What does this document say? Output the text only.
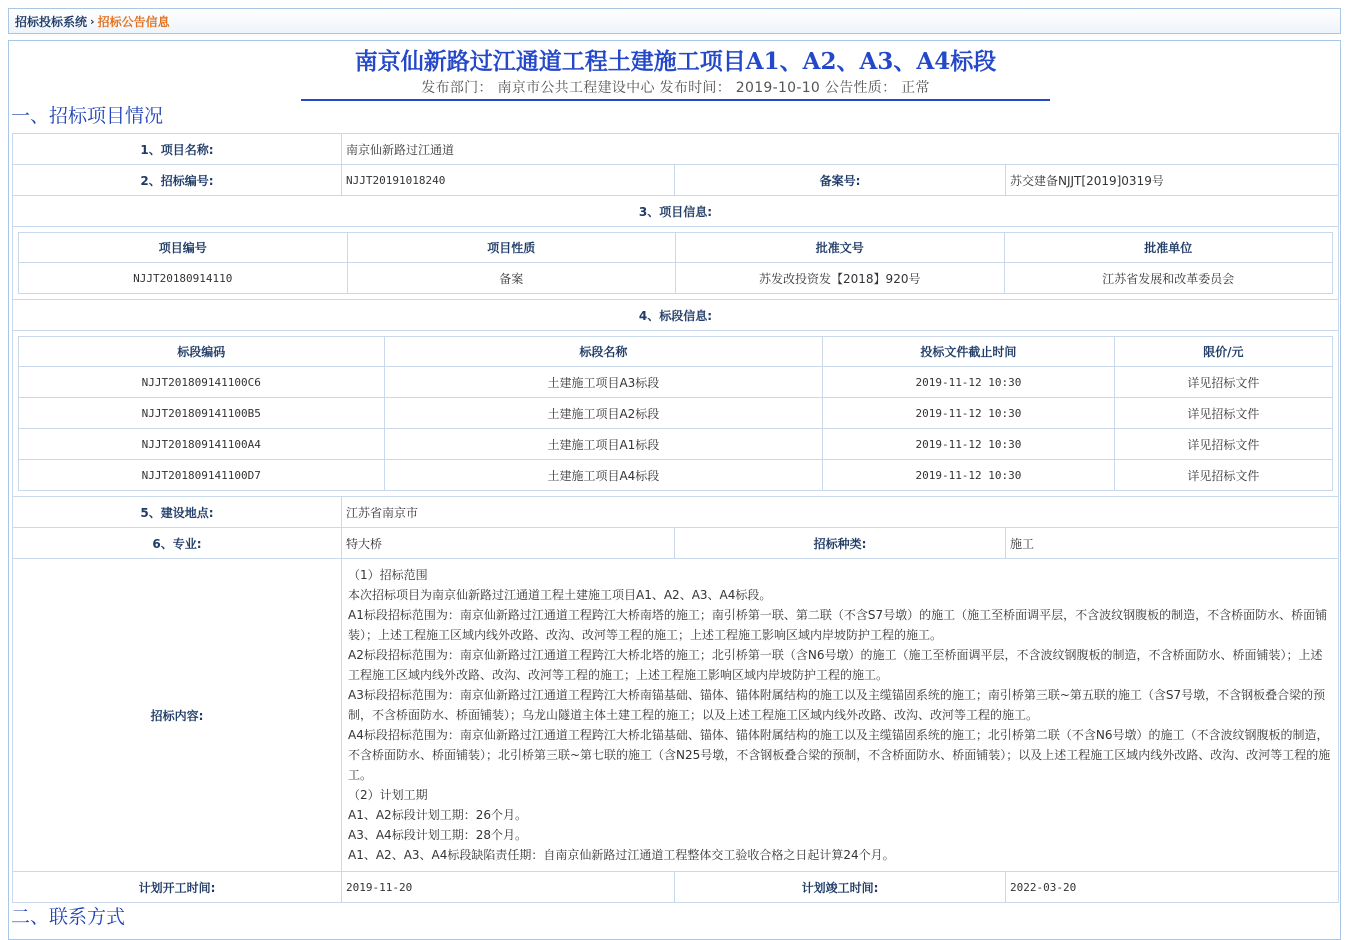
招标投标系统 › 招标公告信息
南京仙新路过江通道工程土建施工项目A1、A2、A3、A4标段
发布部门： 南京市公共工程建设中心 发布时间： 2019-10-10 公告性质： 正常
一、招标项目情况
1、项目名称:	南京仙新路过江通道
2、招标编号:	NJJT20191018240	备案号:	苏交建备NJJT[2019]0319号
3、项目信息:

项目编号	项目性质	批准文号	批准单位
NJJT20180914110	备案	苏发改投资发【2018】920号	江苏省发展和改革委员会

4、标段信息:

标段编码	标段名称	投标文件截止时间	限价/元
NJJT201809141100C6	土建施工项目A3标段	2019-11-12 10:30	详见招标文件
NJJT201809141100B5	土建施工项目A2标段	2019-11-12 10:30	详见招标文件
NJJT201809141100A4	土建施工项目A1标段	2019-11-12 10:30	详见招标文件
NJJT201809141100D7	土建施工项目A4标段	2019-11-12 10:30	详见招标文件

5、建设地点:	江苏省南京市
6、专业:	特大桥	招标种类:	施工
招标内容:	

（1）招标范围

本次招标项目为南京仙新路过江通道工程土建施工项目A1、A2、A3、A4标段。

A1标段招标范围为：南京仙新路过江通道工程跨江大桥南塔的施工；南引桥第一联、第二联（不含S7号墩）的施工（施工至桥面调平层，不含波纹钢腹板的制造，不含桥面防水、桥面铺装）；上述工程施工区域内线外改路、改沟、改河等工程的施工；上述工程施工影响区域内岸坡防护工程的施工。

A2标段招标范围为：南京仙新路过江通道工程跨江大桥北塔的施工；北引桥第一联（含N6号墩）的施工（施工至桥面调平层，不含波纹钢腹板的制造，不含桥面防水、桥面铺装）；上述工程施工区域内线外改路、改沟、改河等工程的施工；上述工程施工影响区域内岸坡防护工程的施工。

A3标段招标范围为：南京仙新路过江通道工程跨江大桥南锚基础、锚体、锚体附属结构的施工以及主缆锚固系统的施工；南引桥第三联~第五联的施工（含S7号墩，不含钢板叠合梁的预制，不含桥面防水、桥面铺装）；乌龙山隧道主体土建工程的施工；以及上述工程施工区域内线外改路、改沟、改河等工程的施工。

A4标段招标范围为：南京仙新路过江通道工程跨江大桥北锚基础、锚体、锚体附属结构的施工以及主缆锚固系统的施工；北引桥第二联（不含N6号墩）的施工（不含波纹钢腹板的制造，不含桥面防水、桥面铺装）；北引桥第三联~第七联的施工（含N25号墩，不含钢板叠合梁的预制，不含桥面防水、桥面铺装）；以及上述工程施工区域内线外改路、改沟、改河等工程的施工。

（2）计划工期

A1、A2标段计划工期：26个月。

A3、A4标段计划工期：28个月。

A1、A2、A3、A4标段缺陷责任期：自南京仙新路过江通道工程整体交工验收合格之日起计算24个月。

计划开工时间:	2019-11-20	计划竣工时间:	2022-03-20
二、联系方式
